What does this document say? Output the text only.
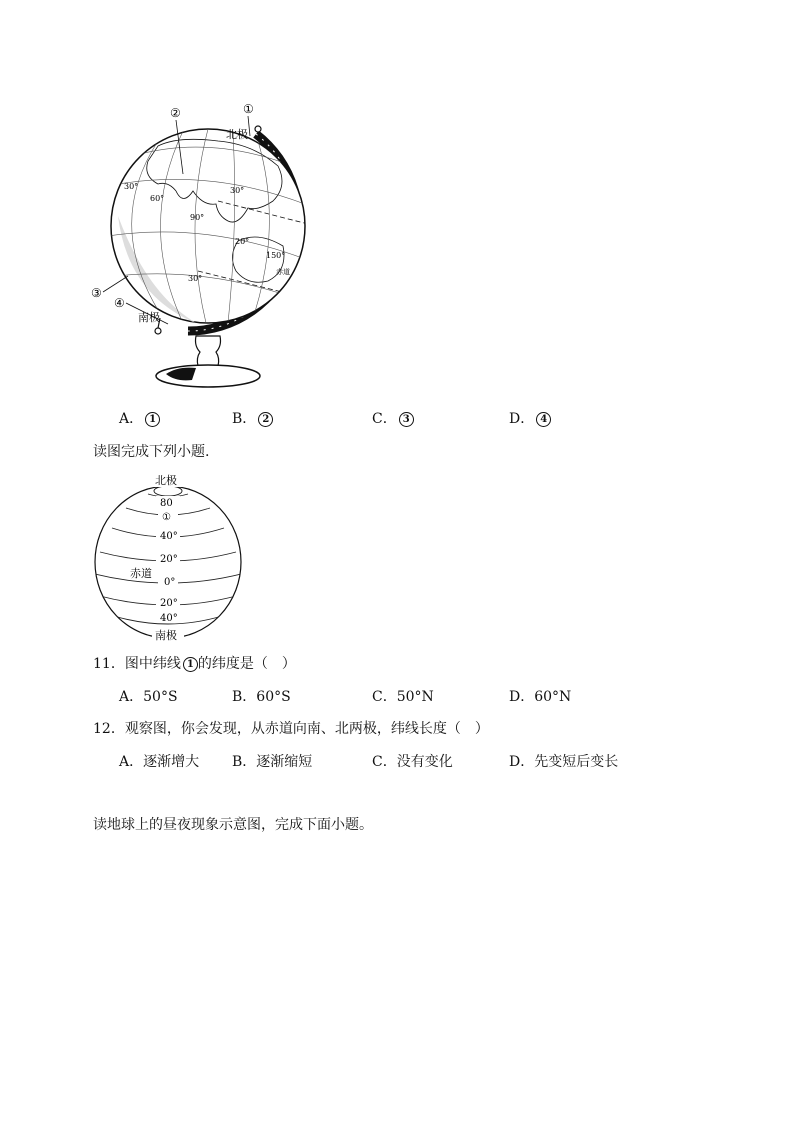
①
②
③
④
北极
南极
30°
60°
30°
90°
20°
150°
30°
赤道
A． 1	B． 2	C． 3	D． 4
读图完成下列小题.
北极
80
①
40°
20°
赤道
0°
20°
40°
南极
11．图中纬线 1 的纬度是（　）
A．50°S	B．60°S	C．50°N	D．60°N
12．观察图，你会发现，从赤道向南、北两极，纬线长度（　）
A．逐渐增大 B．逐渐缩短	C．没有变化	D．先变短后变长
读地球上的昼夜现象示意图，完成下面小题。
